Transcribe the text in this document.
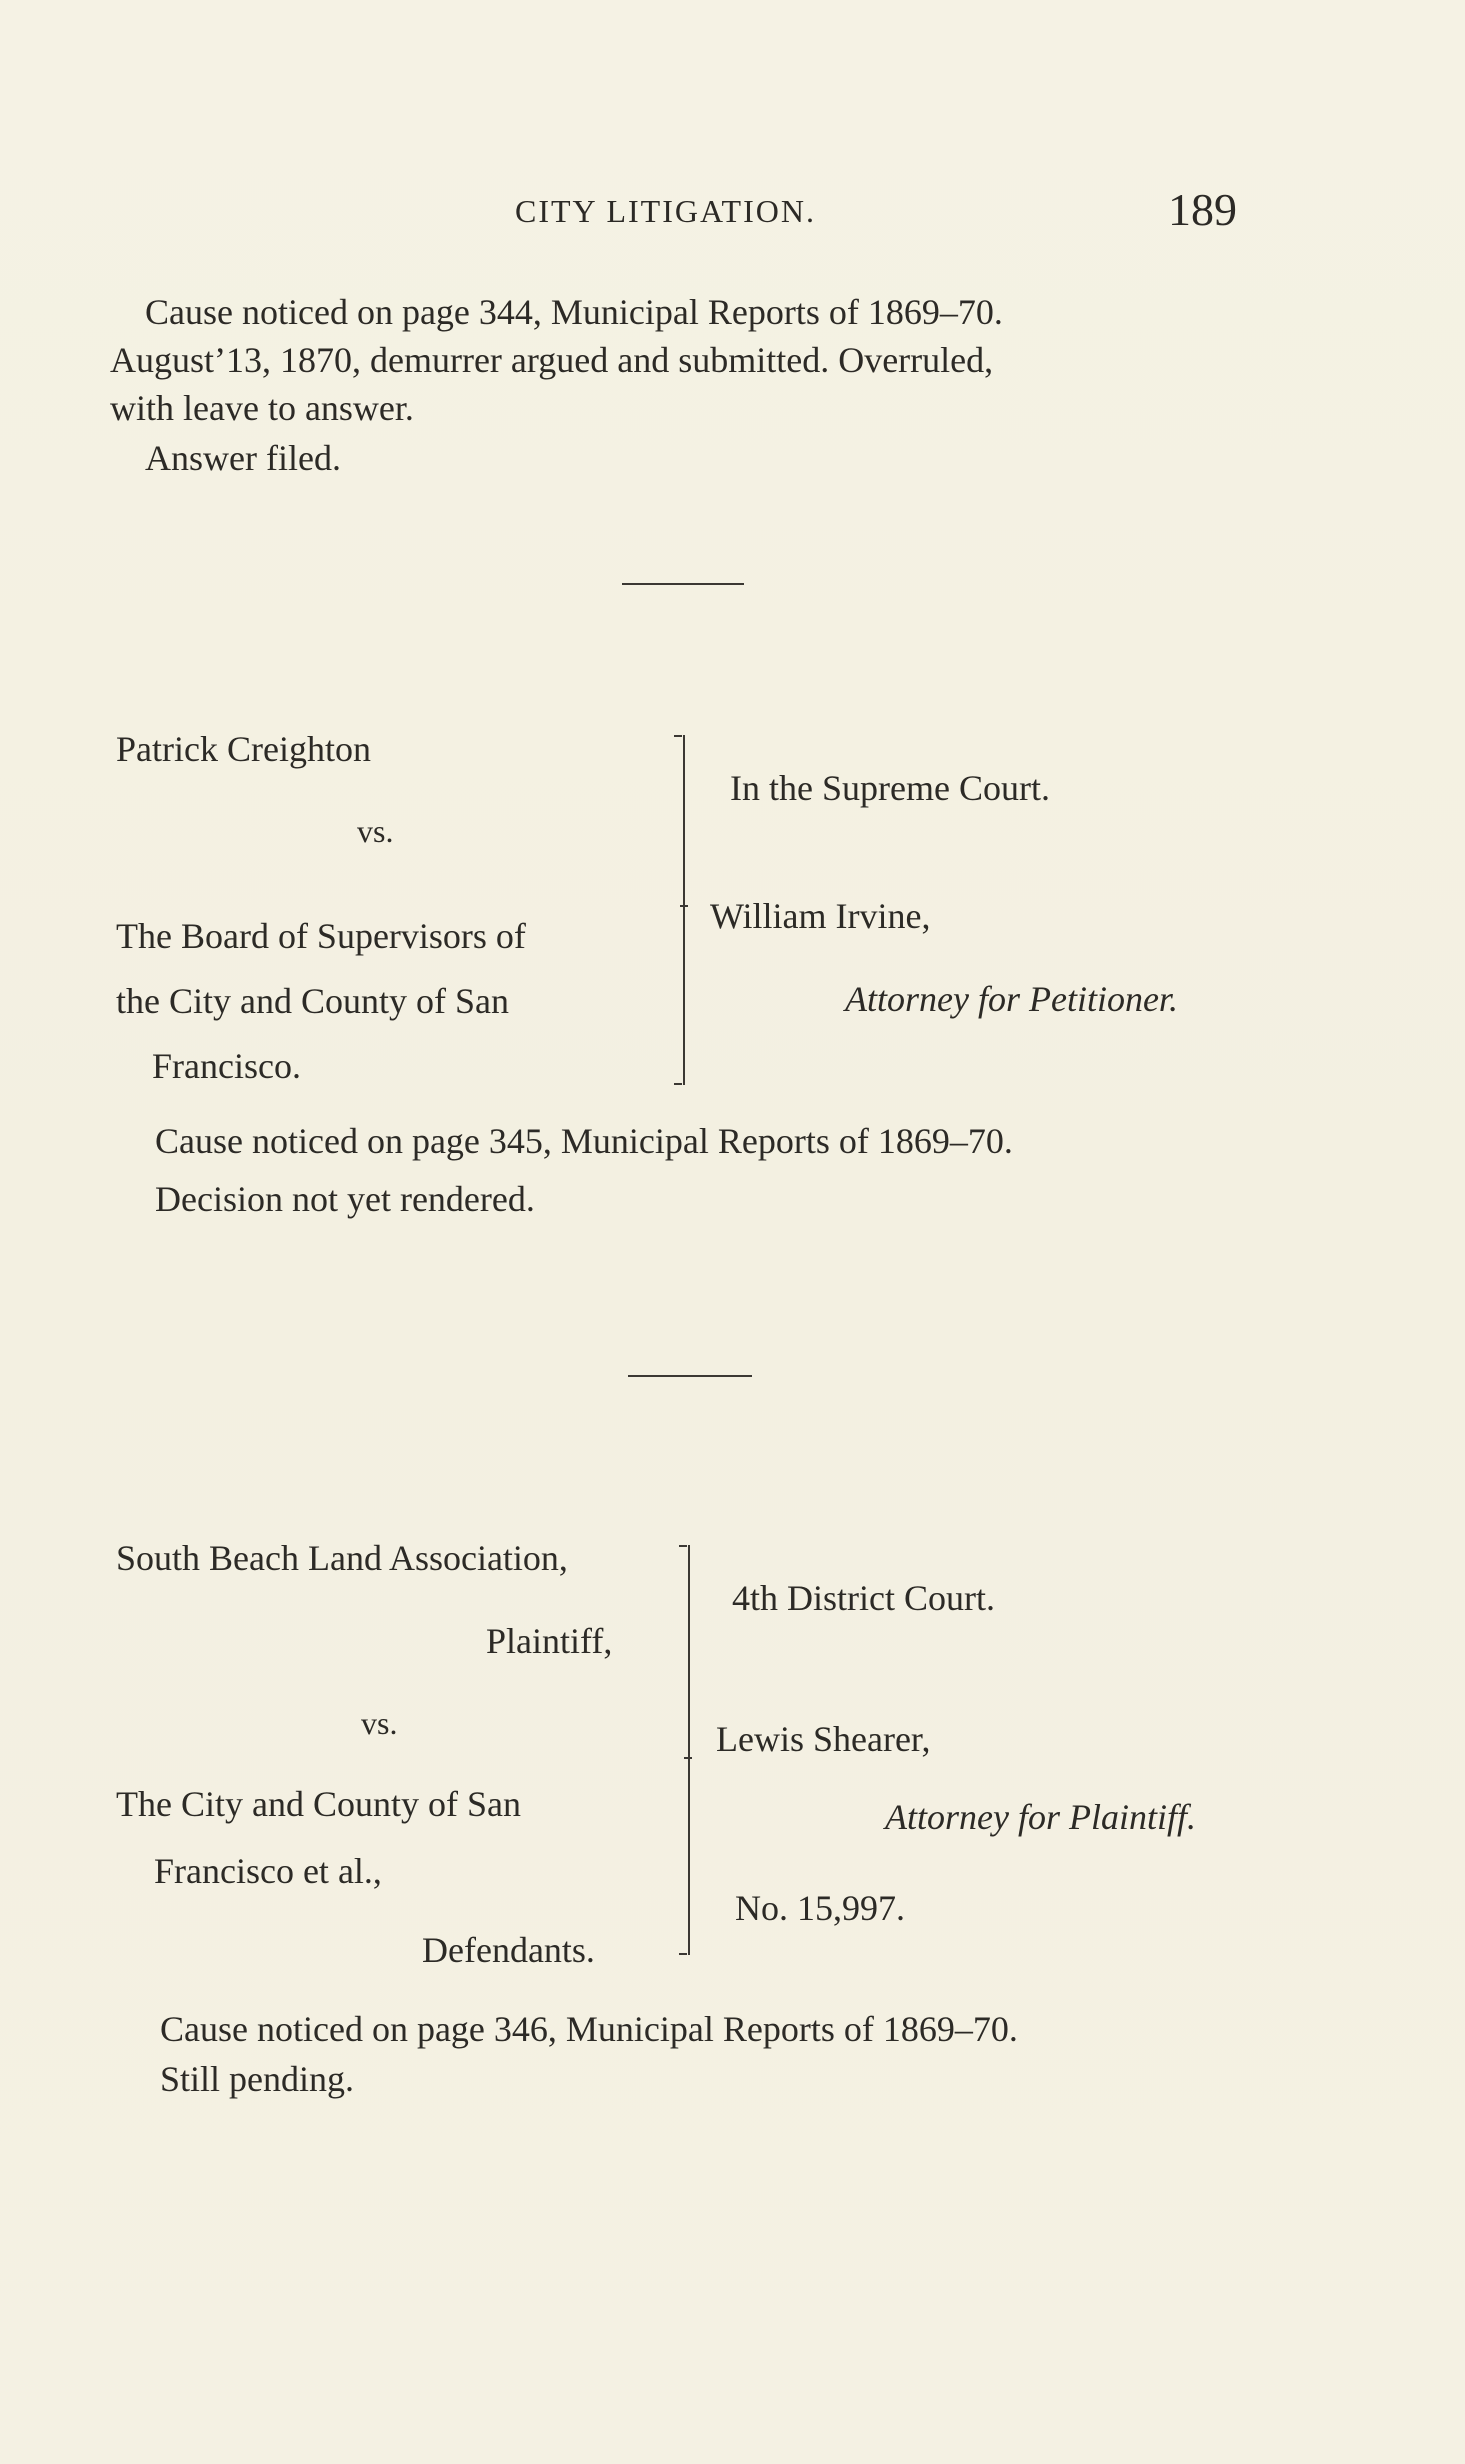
CITY LITIGATION.	189
Cause noticed on page 344, Municipal Reports of 1869–70.
August’13, 1870, demurrer argued and submitted. Overruled,
with leave to answer.
Answer filed.
Patrick Creighton
vs.
The Board of Supervisors of
the City and County of San
Francisco.
In the Supreme Court.
William Irvine,
Attorney for Petitioner.
Cause noticed on page 345, Municipal Reports of 1869–70.
Decision not yet rendered.
South Beach Land Association,
Plaintiff,
vs.
The City and County of San
Francisco et al.,
Defendants.
4th District Court.
Lewis Shearer,
Attorney for Plaintiff.
No. 15,997.
Cause noticed on page 346, Municipal Reports of 1869–70.
Still pending.
